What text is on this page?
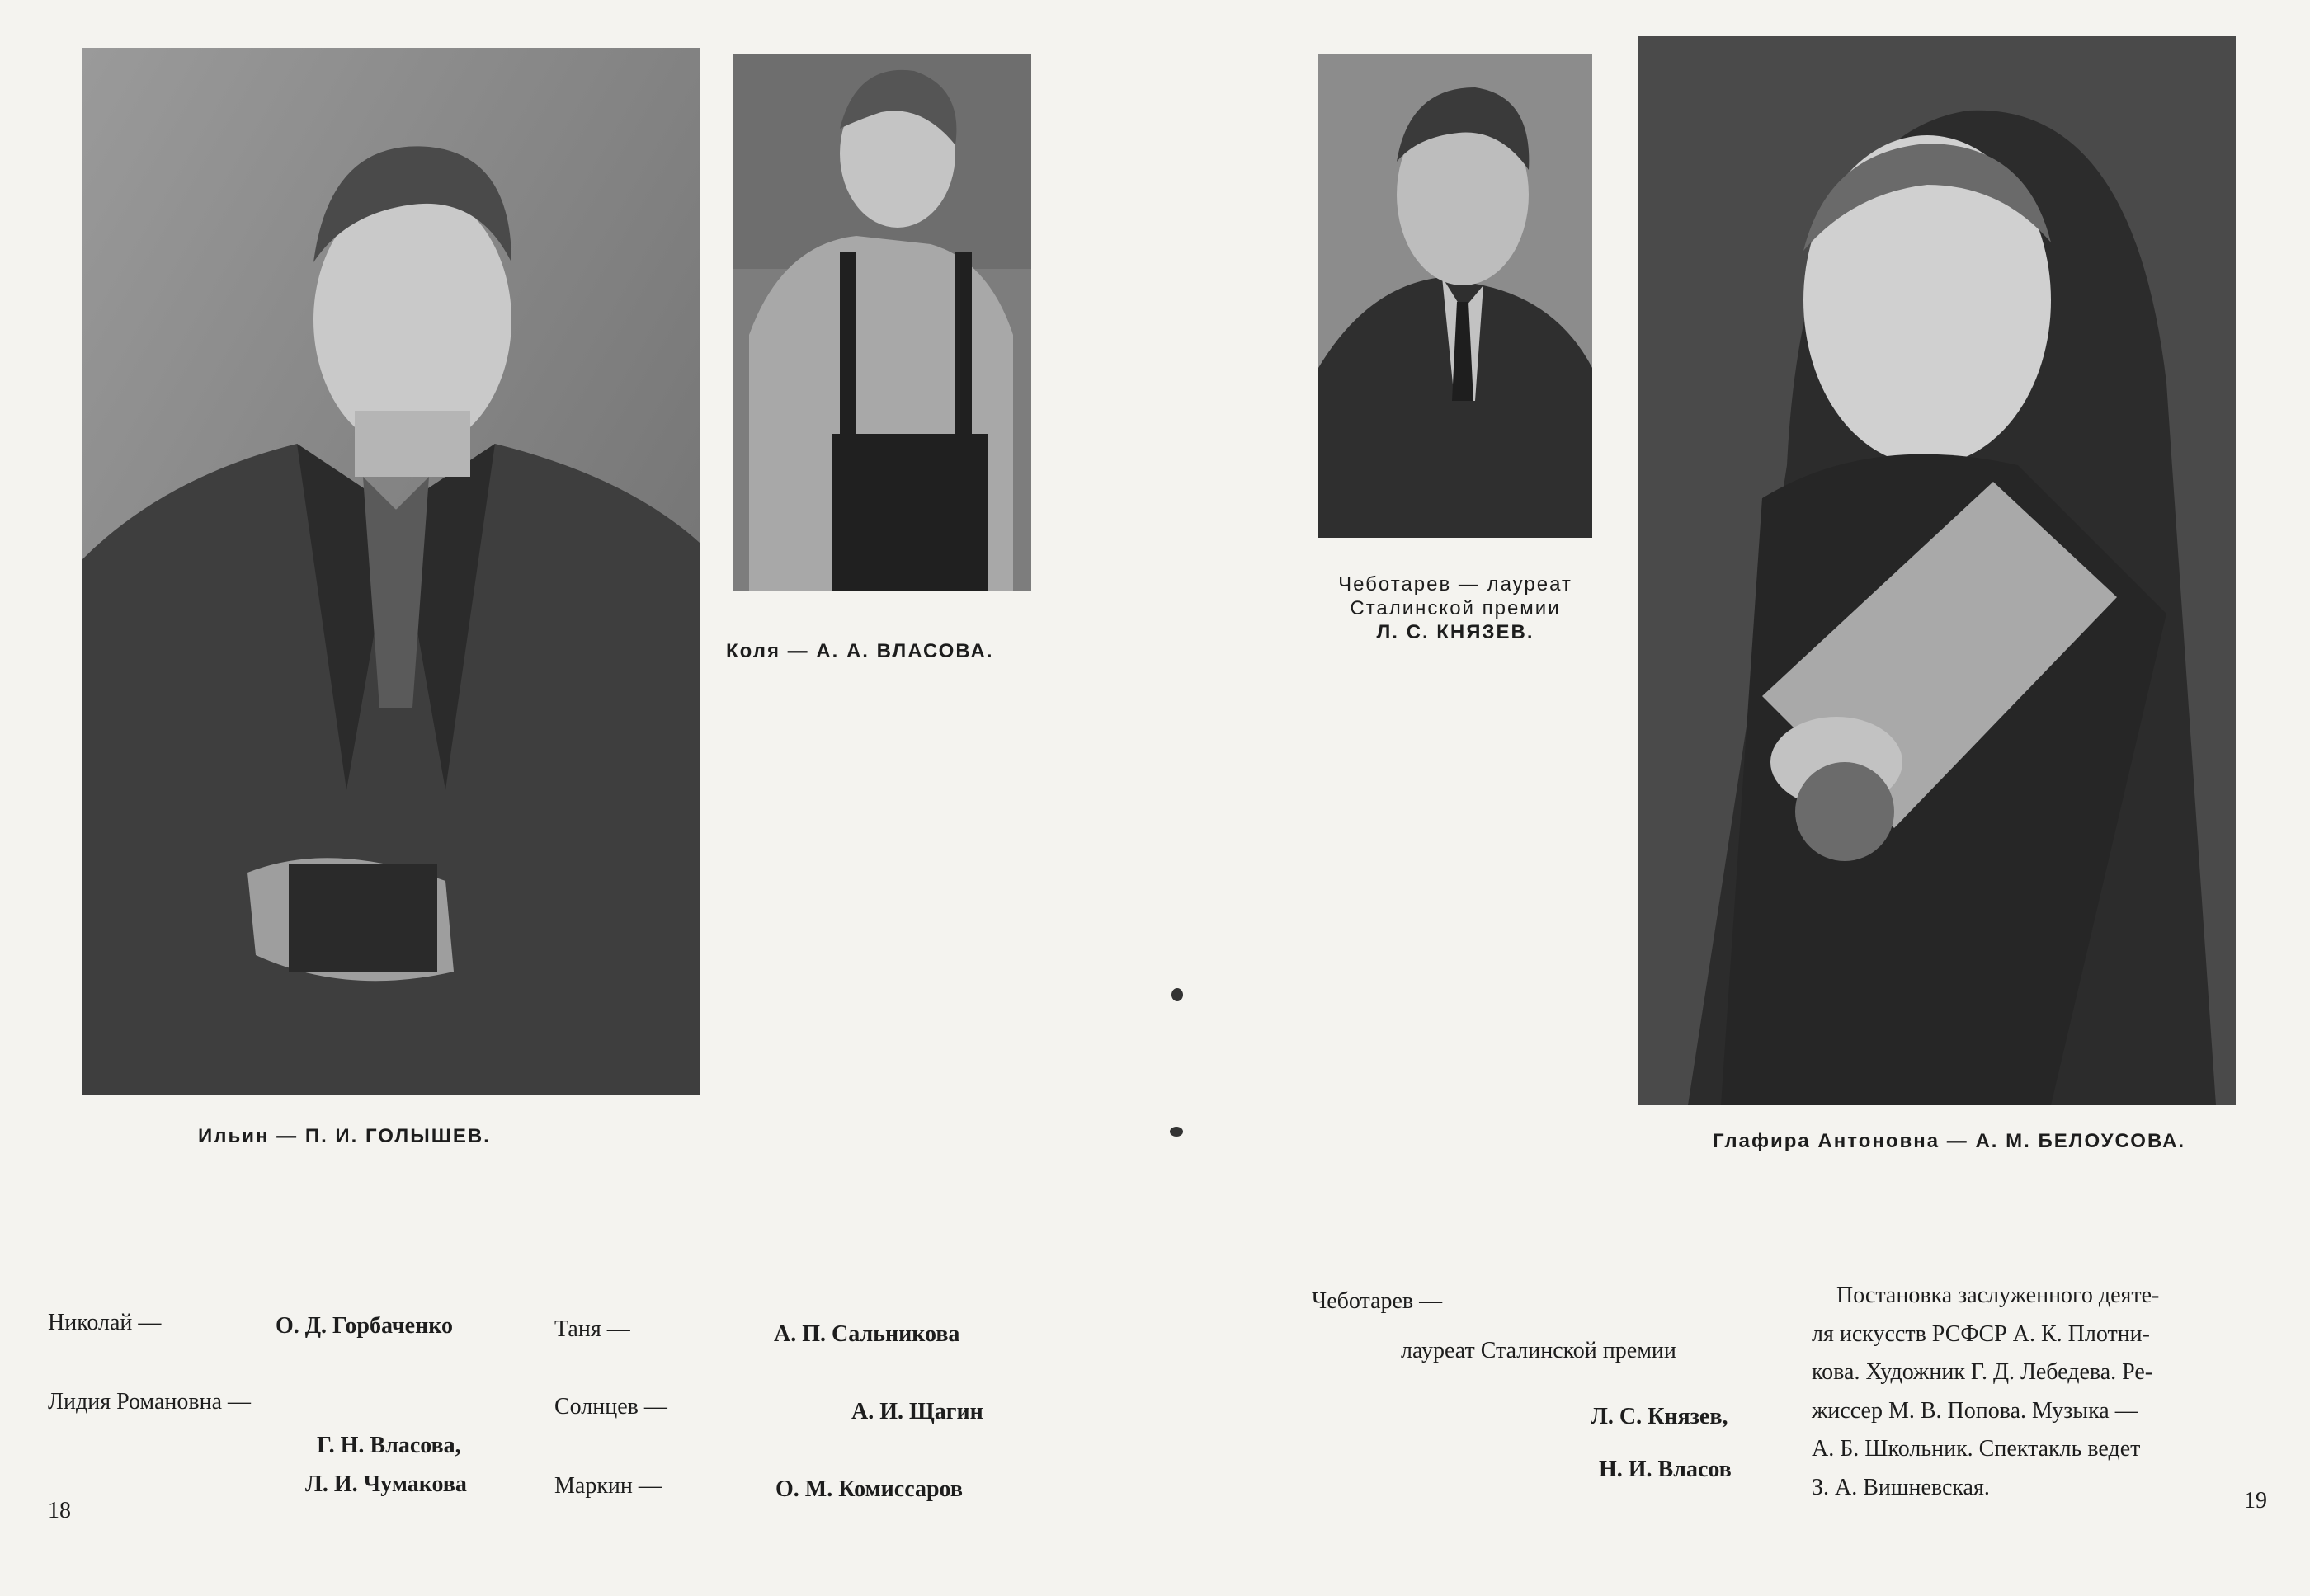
Ильин — П. И. ГОЛЫШЕВ.
Коля — А. А. ВЛАСОВА.
Николай —	О. Д. Горбаченко
Лидия Романовна —
Г. Н. Власова,
Л. И. Чумакова
Таня —	А. П. Сальникова
Солнцев —	А. И. Щагин
Маркин —	О. М. Комиссаров
18
Чеботарев — лауреат
Сталинской премии
Л. С. КНЯЗЕВ.
Глафира Антоновна — А. М. БЕЛОУСОВА.
Чеботарев —
лауреат Сталинской премии
Л. С. Князев,
Н. И. Власов
Постановка заслуженного деяте-
ля искусств РСФСР А. К. Плотни-
кова. Художник Г. Д. Лебедева. Ре-
жиссер М. В. Попова. Музыка —
А. Б. Школьник. Спектакль ведет
З. А. Вишневская.
19
